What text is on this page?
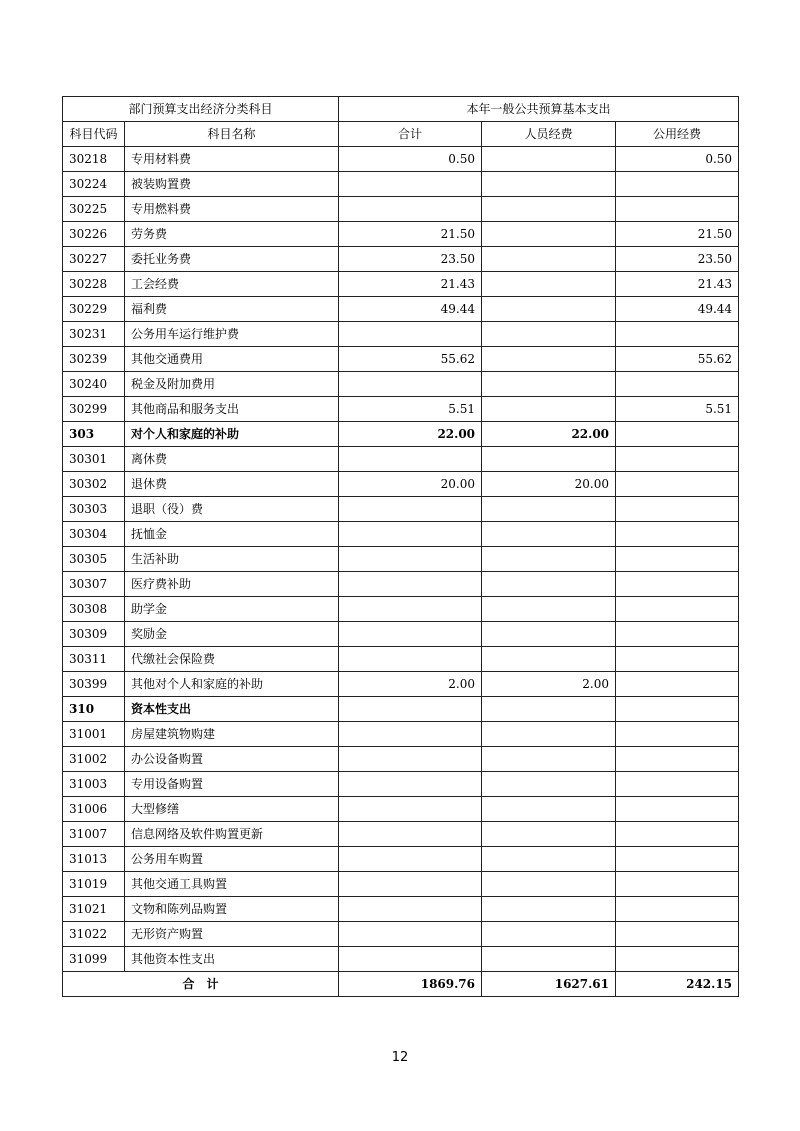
部门预算支出经济分类科目		本年一般公共预算基本支出		
科目代码	科目名称	合计	人员经费	公用经费
30218	专用材料费	0.50		0.50
30224	被装购置费			
30225	专用燃料费			
30226	劳务费	21.50		21.50
30227	委托业务费	23.50		23.50
30228	工会经费	21.43		21.43
30229	福利费	49.44		49.44
30231	公务用车运行维护费			
30239	其他交通费用	55.62		55.62
30240	税金及附加费用			
30299	其他商品和服务支出	5.51		5.51
303	对个人和家庭的补助	22.00	22.00	
30301	离休费			
30302	退休费	20.00	20.00	
30303	退职（役）费			
30304	抚恤金			
30305	生活补助			
30307	医疗费补助			
30308	助学金			
30309	奖励金			
30311	代缴社会保险费			
30399	其他对个人和家庭的补助	2.00	2.00	
310	资本性支出			
31001	房屋建筑物购建			
31002	办公设备购置			
31003	专用设备购置			
31006	大型修缮			
31007	信息网络及软件购置更新			
31013	公务用车购置			
31019	其他交通工具购置			
31021	文物和陈列品购置			
31022	无形资产购置			
31099	其他资本性支出			
合　计		1869.76	1627.61	242.15
12
